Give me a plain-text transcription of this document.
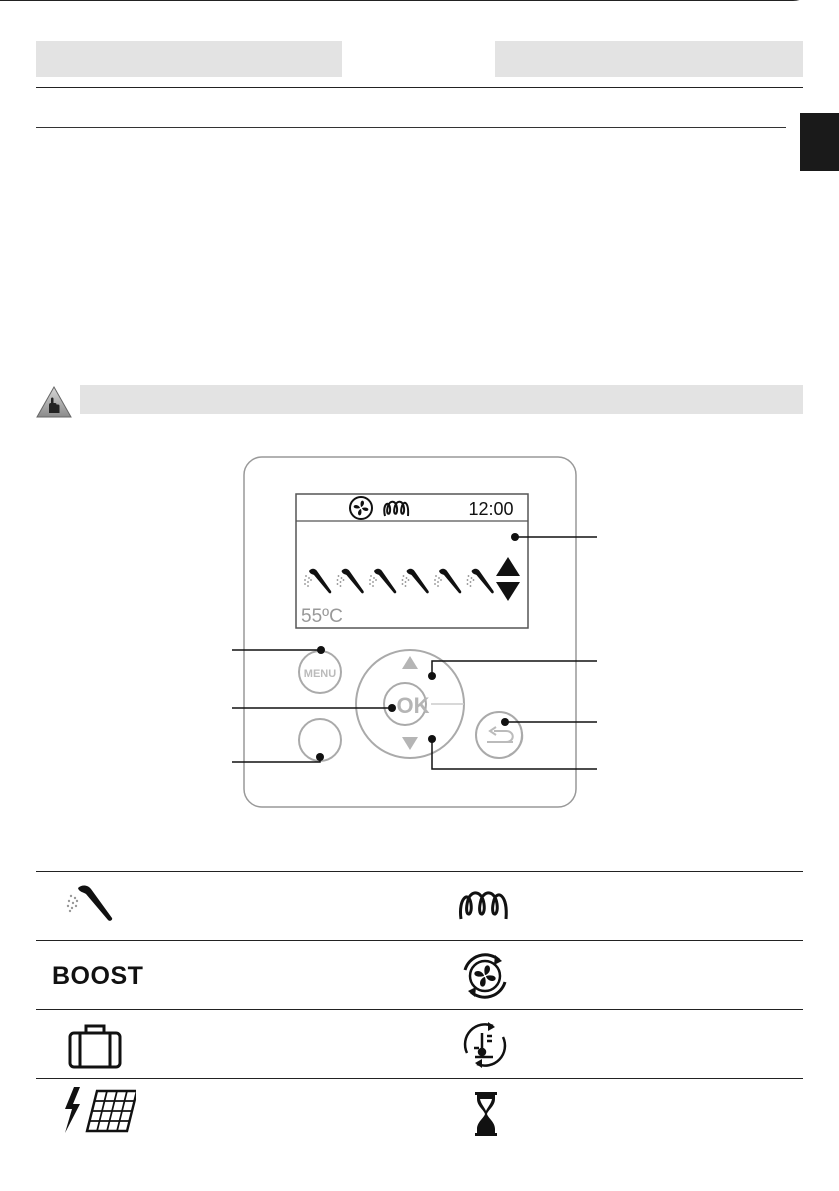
12:00
55ºC
MENU
OK
BOOST
